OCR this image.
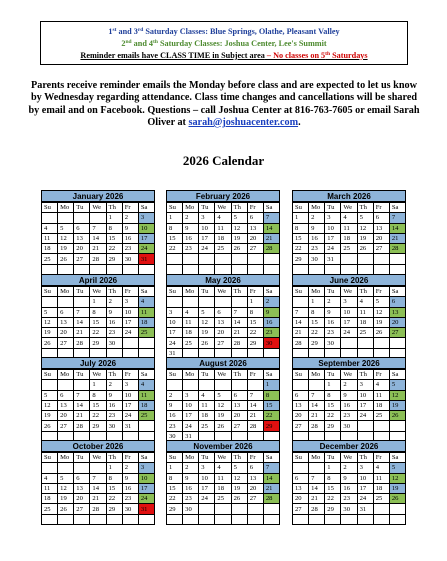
1st and 3rd Saturday Classes: Blue Springs, Olathe, Pleasant Valley
2nd and 4th Saturday Classes: Joshua Center, Lee's Summit
Reminder emails have CLASS TIME in Subject area – No classes on 5th Saturdays
Parents receive reminder emails the Monday before class and are expected to let us know by Wednesday regarding attendance. Class time changes and cancellations will be shared by email and on Facebook. Questions – call Joshua Center at 816-763-7605 or email Sarah Oliver at sarah@joshuacenter.com.
2026 Calendar
January 2026
Su	Mo	Tu	We	Th	Fr	Sa
				1	2	3
4	5	6	7	8	9	10
11	12	13	14	15	16	17
18	19	20	21	22	23	24
25	26	27	28	29	30	31

February 2026
Su	Mo	Tu	We	Th	Fr	Sa
1	2	3	4	5	6	7
8	9	10	11	12	13	14
15	16	17	18	19	20	21
22	23	24	25	26	27	28

March 2026
Su	Mo	Tu	We	Th	Fr	Sa
1	2	3	4	5	6	7
8	9	10	11	12	13	14
15	16	17	18	19	20	21
22	23	24	25	26	27	28
29	30	31				

April 2026
Su	Mo	Tu	We	Th	Fr	Sa
			1	2	3	4
5	6	7	8	9	10	11
12	13	14	15	16	17	18
19	20	21	22	23	24	25
26	27	28	29	30		

May 2026
Su	Mo	Tu	We	Th	Fr	Sa
					1	2
3	4	5	6	7	8	9
10	11	12	13	14	15	16
17	18	19	20	21	22	23
24	25	26	27	28	29	30
31						
June 2026
Su	Mo	Tu	We	Th	Fr	Sa
	1	2	3	4	5	6
7	8	9	10	11	12	13
14	15	16	17	18	19	20
21	22	23	24	25	26	27
28	29	30				

July 2026
Su	Mo	Tu	We	Th	Fr	Sa
			1	2	3	4
5	6	7	8	9	10	11
12	13	14	15	16	17	18
19	20	21	22	23	24	25
26	27	28	29	30	31	

August 2026
Su	Mo	Tu	We	Th	Fr	Sa
						1
2	3	4	5	6	7	8
9	10	11	12	13	14	15
16	17	18	19	20	21	22
23	24	25	26	27	28	29
30	31					
September 2026
Su	Mo	Tu	We	Th	Fr	Sa
		1	2	3	4	5
6	7	8	9	10	11	12
13	14	15	16	17	18	19
20	21	22	23	24	25	26
27	28	29	30			

October 2026
Su	Mo	Tu	We	Th	Fr	Sa
				1	2	3
4	5	6	7	8	9	10
11	12	13	14	15	16	17
18	19	20	21	22	23	24
25	26	27	28	29	30	31

November 2026
Su	Mo	Tu	We	Th	Fr	Sa
1	2	3	4	5	6	7
8	9	10	11	12	13	14
15	16	17	18	19	20	21
22	23	24	25	26	27	28
29	30					

December 2026
Su	Mo	Tu	We	Th	Fr	Sa
		1	2	3	4	5
6	7	8	9	10	11	12
13	14	15	16	17	18	19
20	21	22	23	24	25	26
27	28	29	30	31		
